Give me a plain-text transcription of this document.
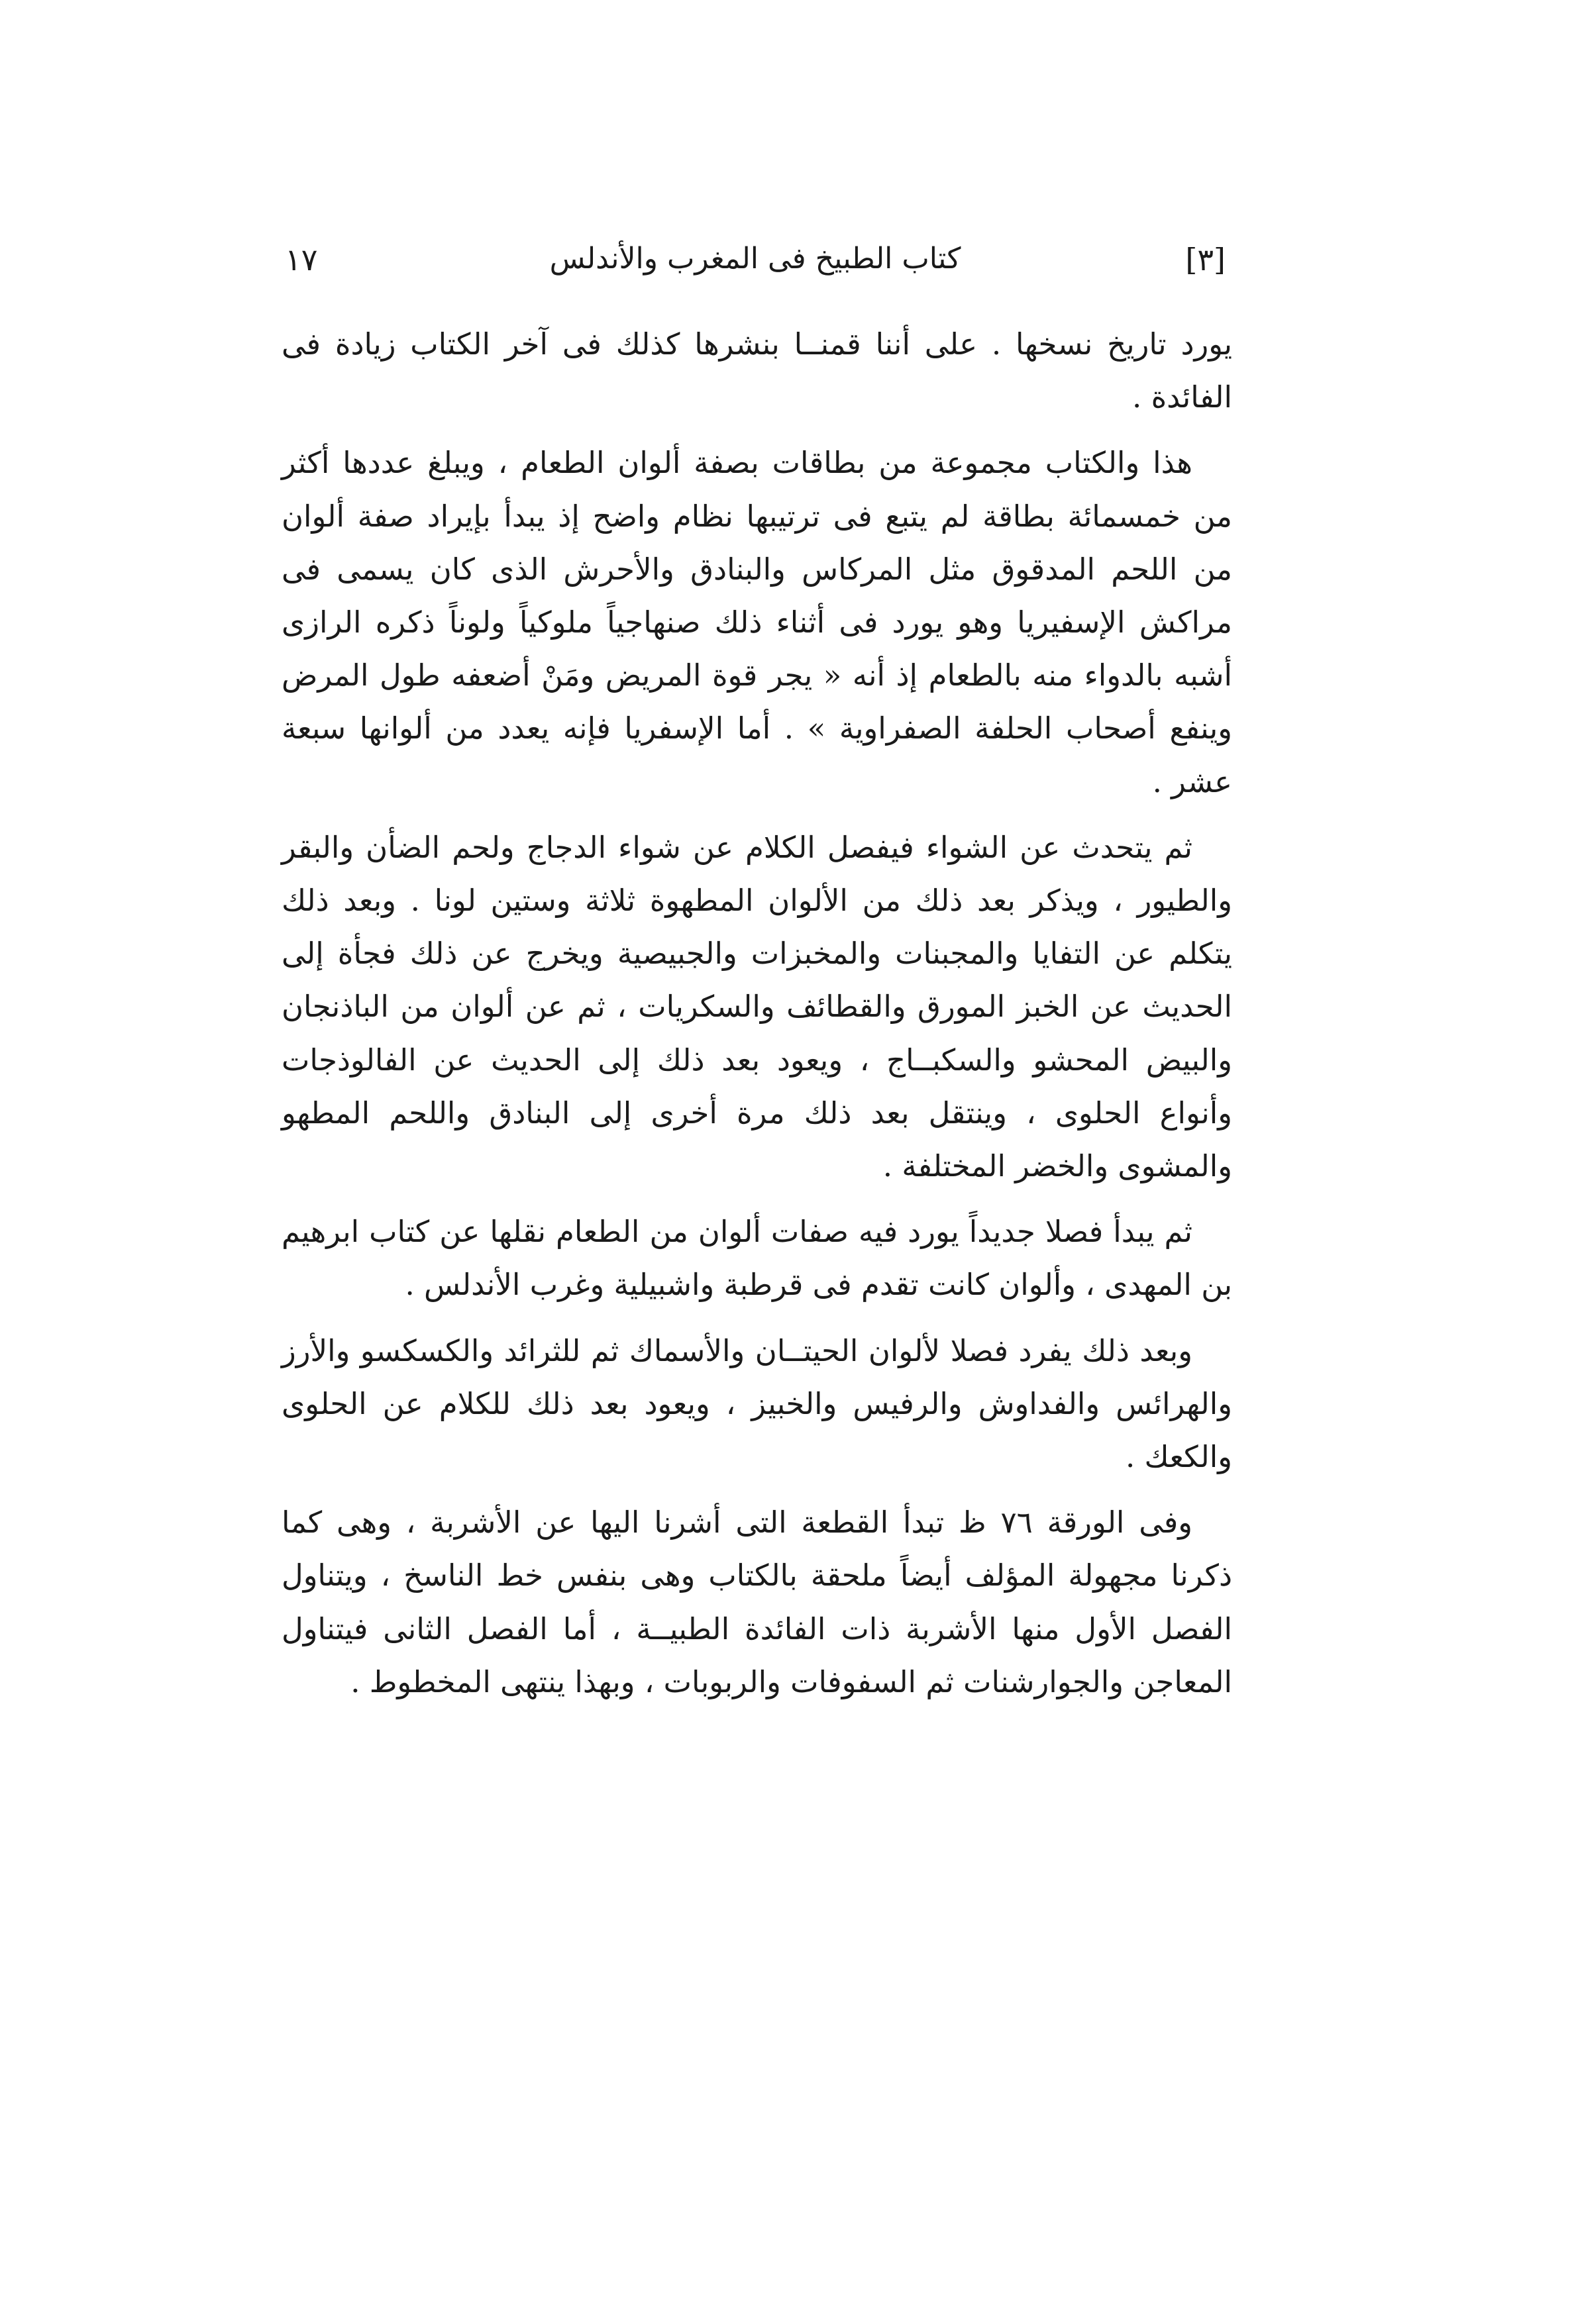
[٣]
كتاب الطبيخ فى المغرب والأندلس
١٧

يورد تاريخ نسخها . على أننا قمنــا بنشرها كذلك فى آخر الكتاب زيادة فى الفائدة .

هذا والكتاب مجموعة من بطاقات بصفة ألوان الطعام ، ويبلغ عددها أكثر من خمسمائة بطاقة لم يتبع فى ترتيبها نظام واضح إذ يبدأ بإيراد صفة ألوان من اللحم المدقوق مثل المركاس والبنادق والأحرش الذى كان يسمى فى مراكش الإسفيريا وهو يورد فى أثناء ذلك صنهاجياً ملوكياً ولوناً ذكره الرازى أشبه بالدواء منه بالطعام إذ أنه « يجر قوة المريض ومَنْ أضعفه طول المرض وينفع أصحاب الحلفة الصفراوية » . أما الإسفريا فإنه يعدد من ألوانها سبعة عشر .

ثم يتحدث عن الشواء فيفصل الكلام عن شواء الدجاج ولحم الضأن والبقر والطيور ، ويذكر بعد ذلك من الألوان المطهوة ثلاثة وستين لونا . وبعد ذلك يتكلم عن التفايا والمجبنات والمخبزات والجبيصية ويخرج عن ذلك فجأة إلى الحديث عن الخبز المورق والقطائف والسكريات ، ثم عن ألوان من الباذنجان والبيض المحشو والسكبــاج ، ويعود بعد ذلك إلى الحديث عن الفالوذجات وأنواع الحلوى ، وينتقل بعد ذلك مرة أخرى إلى البنادق واللحم المطهو والمشوى والخضر المختلفة .

ثم يبدأ فصلا جديداً يورد فيه صفات ألوان من الطعام نقلها عن كتاب ابرهيم بن المهدى ، وألوان كانت تقدم فى قرطبة واشبيلية وغرب الأندلس .

وبعد ذلك يفرد فصلا لألوان الحيتــان والأسماك ثم للثرائد والكسكسو والأرز والهرائس والفداوش والرفيس والخبيز ، ويعود بعد ذلك للكلام عن الحلوى والكعك .

وفى الورقة ٧٦ ظ تبدأ القطعة التى أشرنا اليها عن الأشربة ، وهى كما ذكرنا مجهولة المؤلف أيضاً ملحقة بالكتاب وهى بنفس خط الناسخ ، ويتناول الفصل الأول منها الأشربة ذات الفائدة الطبيــة ، أما الفصل الثانى فيتناول المعاجن والجوارشنات ثم السفوفات والربوبات ، وبهذا ينتهى المخطوط .
